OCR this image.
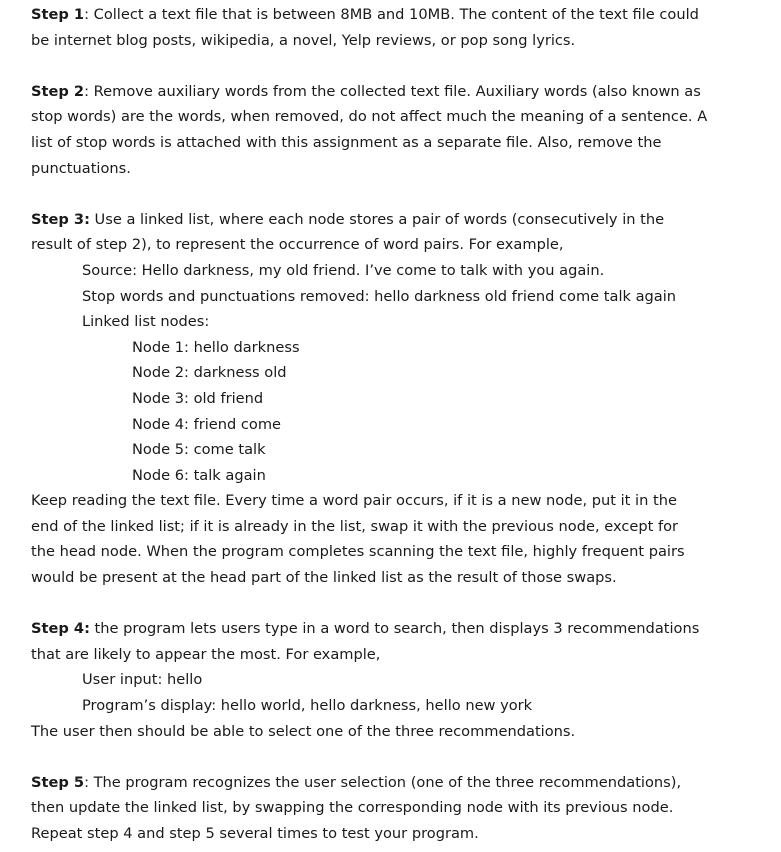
Step 1: Collect a text file that is between 8MB and 10MB. The content of the text file could
be internet blog posts, wikipedia, a novel, Yelp reviews, or pop song lyrics.
Step 2: Remove auxiliary words from the collected text file. Auxiliary words (also known as
stop words) are the words, when removed, do not affect much the meaning of a sentence. A
list of stop words is attached with this assignment as a separate file. Also, remove the
punctuations.
Step 3: Use a linked list, where each node stores a pair of words (consecutively in the
result of step 2), to represent the occurrence of word pairs. For example,
Source: Hello darkness, my old friend. I’ve come to talk with you again.
Stop words and punctuations removed: hello darkness old friend come talk again
Linked list nodes:
Node 1: hello darkness
Node 2: darkness old
Node 3: old friend
Node 4: friend come
Node 5: come talk
Node 6: talk again
Keep reading the text file. Every time a word pair occurs, if it is a new node, put it in the
end of the linked list; if it is already in the list, swap it with the previous node, except for
the head node. When the program completes scanning the text file, highly frequent pairs
would be present at the head part of the linked list as the result of those swaps.
Step 4: the program lets users type in a word to search, then displays 3 recommendations
that are likely to appear the most. For example,
User input: hello
Program’s display: hello world, hello darkness, hello new york
The user then should be able to select one of the three recommendations.
Step 5: The program recognizes the user selection (one of the three recommendations),
then update the linked list, by swapping the corresponding node with its previous node.
Repeat step 4 and step 5 several times to test your program.
